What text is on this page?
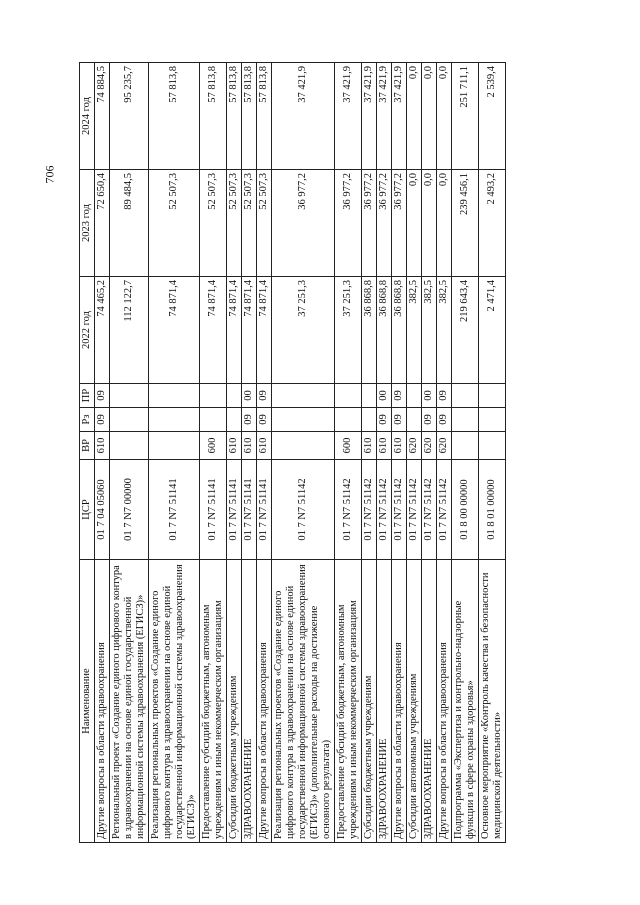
706
Наименование	ЦСР	ВР	Рз	ПР	2022 год	2023 год	2024 год
Другие вопросы в области здравоохранения	01 7 04 05060	610	09	09	74 465,2	72 650,4	74 884,5
Региональный проект «Создание единого цифрового контура в здравоохранении на основе единой государственной информационной системы здравоохранения (ЕГИСЗ)»	01 7 N7 00000				112 122,7	89 484,5	95 235,7
Реализация региональных проектов «Создание единого цифрового контура в здравоохранении на основе единой государственной информационной системы здравоохранения (ЕГИСЗ)»	01 7 N7 51141				74 871,4	52 507,3	57 813,8
Предоставление субсидий бюджетным, автономным учреждениям и иным некоммерческим организациям	01 7 N7 51141	600			74 871,4	52 507,3	57 813,8
Субсидии бюджетным учреждениям	01 7 N7 51141	610			74 871,4	52 507,3	57 813,8
ЗДРАВООХРАНЕНИЕ	01 7 N7 51141	610	09	00	74 871,4	52 507,3	57 813,8
Другие вопросы в области здравоохранения	01 7 N7 51141	610	09	09	74 871,4	52 507,3	57 813,8
Реализация региональных проектов «Создание единого цифрового контура в здравоохранении на основе единой государственной информационной системы здравоохранения (ЕГИСЗ)» (дополнительные расходы на достижение основного результата)	01 7 N7 51142				37 251,3	36 977,2	37 421,9
Предоставление субсидий бюджетным, автономным учреждениям и иным некоммерческим организациям	01 7 N7 51142	600			37 251,3	36 977,2	37 421,9
Субсидии бюджетным учреждениям	01 7 N7 51142	610			36 868,8	36 977,2	37 421,9
ЗДРАВООХРАНЕНИЕ	01 7 N7 51142	610	09	00	36 868,8	36 977,2	37 421,9
Другие вопросы в области здравоохранения	01 7 N7 51142	610	09	09	36 868,8	36 977,2	37 421,9
Субсидии автономным учреждениям	01 7 N7 51142	620			382,5	0,0	0,0
ЗДРАВООХРАНЕНИЕ	01 7 N7 51142	620	09	00	382,5	0,0	0,0
Другие вопросы в области здравоохранения	01 7 N7 51142	620	09	09	382,5	0,0	0,0
Подпрограмма «Экспертиза и контрольно-надзорные функции в сфере охраны здоровья»	01 8 00 00000				219 643,4	239 456,1	251 711,1
Основное мероприятие «Контроль качества и безопасности медицинской деятельности»	01 8 01 00000				2 471,4	2 493,2	2 539,4
